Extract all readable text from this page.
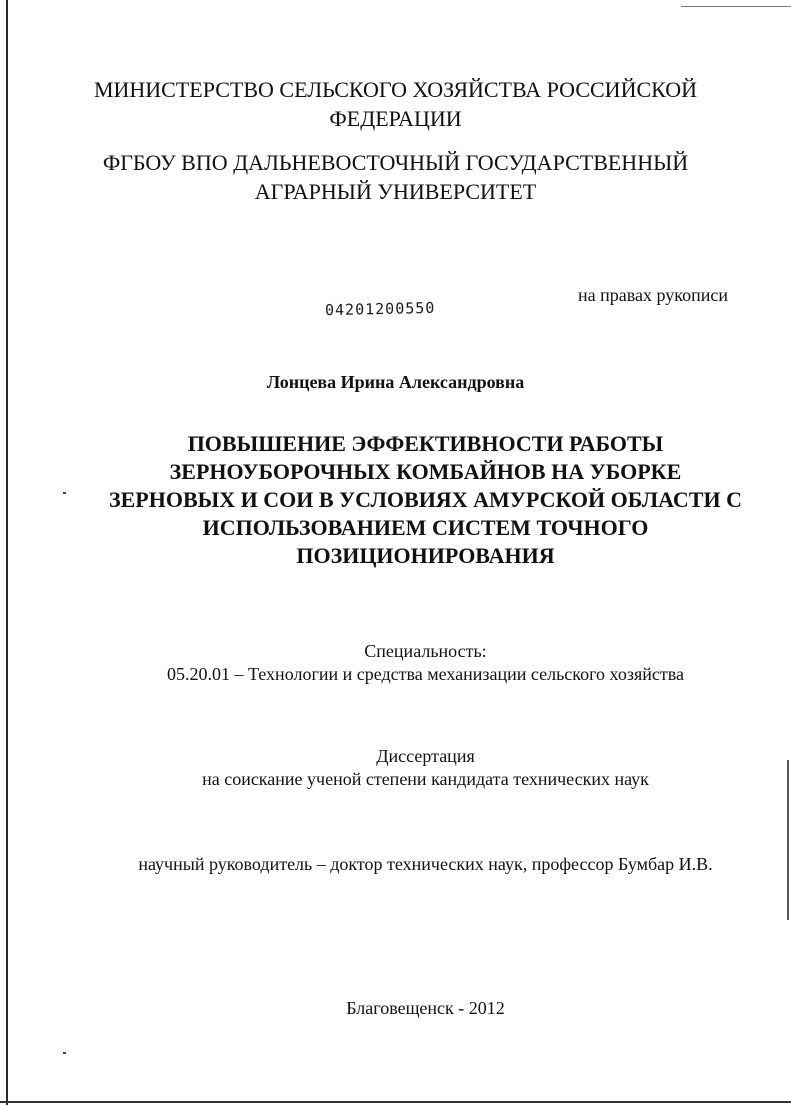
МИНИСТЕРСТВО СЕЛЬСКОГО ХОЗЯЙСТВА РОССИЙСКОЙ
ФЕДЕРАЦИИ
ФГБОУ ВПО ДАЛЬНЕВОСТОЧНЫЙ ГОСУДАРСТВЕННЫЙ
АГРАРНЫЙ УНИВЕРСИТЕТ
на правах рукописи
04201200550
Лонцева Ирина Александровна
ПОВЫШЕНИЕ ЭФФЕКТИВНОСТИ РАБОТЫ
ЗЕРНОУБОРОЧНЫХ КОМБАЙНОВ НА УБОРКЕ
ЗЕРНОВЫХ И СОИ В УСЛОВИЯХ АМУРСКОЙ ОБЛАСТИ С
ИСПОЛЬЗОВАНИЕМ СИСТЕМ ТОЧНОГО
ПОЗИЦИОНИРОВАНИЯ
Специальность:
05.20.01 – Технологии и средства механизации сельского хозяйства
Диссертация
на соискание ученой степени кандидата технических наук
научный руководитель – доктор технических наук, профессор Бумбар И.В.
Благовещенск - 2012
